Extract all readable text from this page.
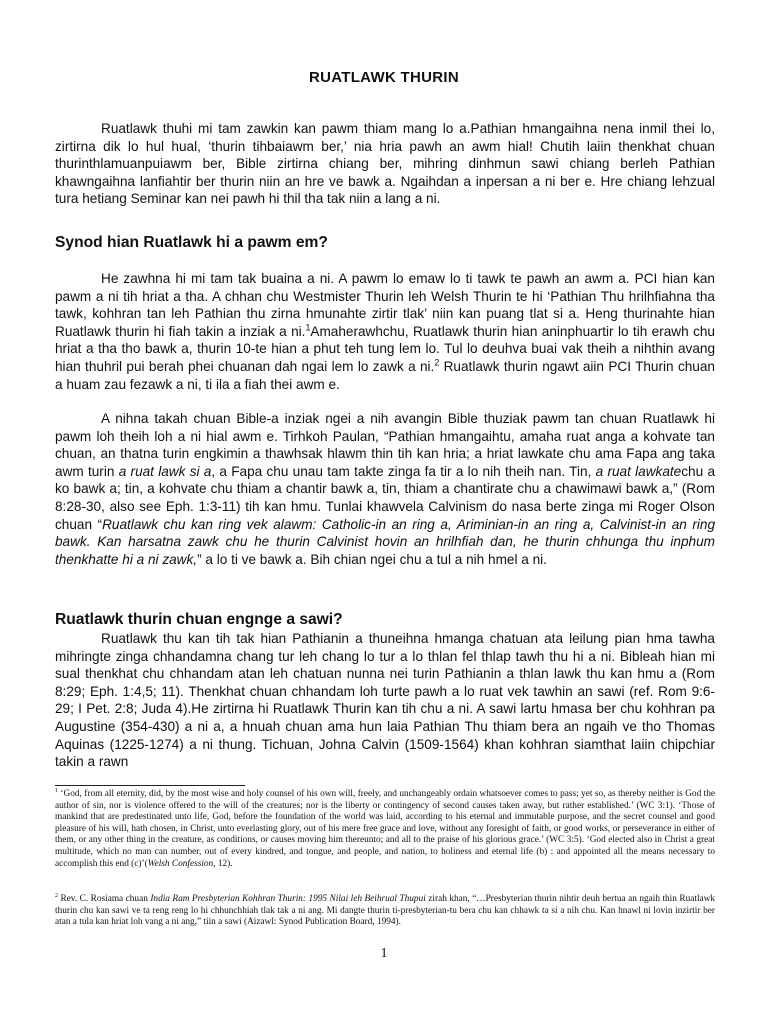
RUATLAWK THURIN

Ruatlawk thuhi mi tam zawkin kan pawm thiam mang lo a.Pathian hmangaihna nena inmil thei lo, zirtirna dik lo hul hual, ‘thurin tihbaiawm ber,’ nia hria pawh an awm hial! Chutih laiin thenkhat chuan thurinthlamuanpuiawm ber, Bible zirtirna chiang ber, mihring dinhmun sawi chiang berleh Pathian khawngaihna lanfiahtir ber thurin niin an hre ve bawk a. Ngaihdan a inpersan a ni ber e. Hre chiang lehzual tura hetiang Seminar kan nei pawh hi thil tha tak niin a lang a ni.

Synod hian Ruatlawk hi a pawm em?

He zawhna hi mi tam tak buaina a ni. A pawm lo emaw lo ti tawk te pawh an awm a. PCI hian kan pawm a ni tih hriat a tha. A chhan chu Westmister Thurin leh Welsh Thurin te hi ‘Pathian Thu hrilhfiahna tha tawk, kohhran tan leh Pathian thu zirna hmunahte zirtir tlak’ niin kan puang tlat si a. Heng thurinahte hian Ruatlawk thurin hi fiah takin a inziak a ni.$^1$Amaherawhchu, Ruatlawk thurin hian aninphuartir lo tih erawh chu hriat a tha tho bawk a, thurin 10-te hian a phut teh tung lem lo. Tul lo deuhva buai vak theih a nihthin avang hian thuhril pui berah phei chuanan dah ngai lem lo zawk a ni.$^2$ Ruatlawk thurin ngawt aiin PCI Thurin chuan a huam zau fezawk a ni, ti ila a fiah thei awm e.

A nihna takah chuan Bible-a inziak ngei a nih avangin Bible thuziak pawm tan chuan Ruatlawk hi pawm loh theih loh a ni hial awm e. Tirhkoh Paulan, “Pathian hmangaihtu, amaha ruat anga a kohvate tan chuan, an thatna turin engkimin a thawhsak hlawm thin tih kan hria; a hriat lawkate chu ama Fapa ang taka awm turin a ruat lawk si a, a Fapa chu unau tam takte zinga fa tir a lo nih theih nan. Tin, a ruat lawkatechu a ko bawk a; tin, a kohvate chu thiam a chantir bawk a, tin, thiam a chantirate chu a chawimawi bawk a,” (Rom 8:28-30, also see Eph. 1:3-11) tih kan hmu. Tunlai khawvela Calvinism do nasa berte zinga mi Roger Olson chuan “Ruatlawk chu kan ring vek alawm: Catholic-in an ring a, Ariminian-in an ring a, Calvinist-in an ring bawk. Kan harsatna zawk chu he thurin Calvinist hovin an hrilhfiah dan, he thurin chhunga thu inphum thenkhatte hi a ni zawk,” a lo ti ve bawk a. Bih chian ngei chu a tul a nih hmel a ni.

Ruatlawk thurin chuan engnge a sawi?

Ruatlawk thu kan tih tak hian Pathianin a thuneihna hmanga chatuan ata leilung pian hma tawha mihringte zinga chhandamna chang tur leh chang lo tur a lo thlan fel thlap tawh thu hi a ni. Bibleah hian mi sual thenkhat chu chhandam atan leh chatuan nunna nei turin Pathianin a thlan lawk thu kan hmu a (Rom 8:29; Eph. 1:4,5; 11). Thenkhat chuan chhandam loh turte pawh a lo ruat vek tawhin an sawi (ref. Rom 9:6-29; I Pet. 2:8; Juda 4).He zirtirna hi Ruatlawk Thurin kan tih chu a ni. A sawi lartu hmasa ber chu kohhran pa Augustine (354-430) a ni a, a hnuah chuan ama hun laia Pathian Thu thiam bera an ngaih ve tho Thomas Aquinas (1225-1274) a ni thung. Tichuan, Johna Calvin (1509-1564) khan kohhran siamthat laiin chipchiar takin a rawn

$^1$ ‘God, from all eternity, did, by the most wise and holy counsel of his own will, freely, and unchangeably ordain whatsoever comes to pass; yet so, as thereby neither is God the author of sin, nor is violence offered to the will of the creatures; nor is the liberty or contingency of second causes taken away, but rather established.’ (WC 3:1). ‘Those of mankind that are predestinated unto life, God, before the foundation of the world was laid, according to his eternal and immutable purpose, and the secret counsel and good pleasure of his will, hath chosen, in Christ, unto everlasting glory, out of his mere free grace and love, without any foresight of faith, or good works, or perseverance in either of them, or any other thing in the creature, as conditions, or causes moving him thereunto; and all to the praise of his glorious grace.’ (WC 3:5). ‘God elected also in Christ a great multitude, which no man can number, out of every kindred, and tongue, and people, and nation, to holiness and eternal life (b) : and appointed all the means necessary to accomplish this end (c)’(Welsh Confession, 12).

$^2$ Rev. C. Rosiama chuan India Ram Presbyterian Kohhran Thurin: 1995 Nilai leh Beihrual Thupui zirah khan, “…Presbyterian thurin nihtir deuh bertua an ngaih thin Ruatlawk thurin chu kan sawi ve ta reng reng lo hi chhunchhiah tlak tak a ni ang. Mi dangte thurin ti-presbyterian-tu bera chu kan chhawk ta si a nih chu. Kan hnawl ni lovin inzirtir ber atan a tula kan hriat loh vang a ni ang,” tiin a sawi (Aizawl: Synod Publication Board, 1994).

1
